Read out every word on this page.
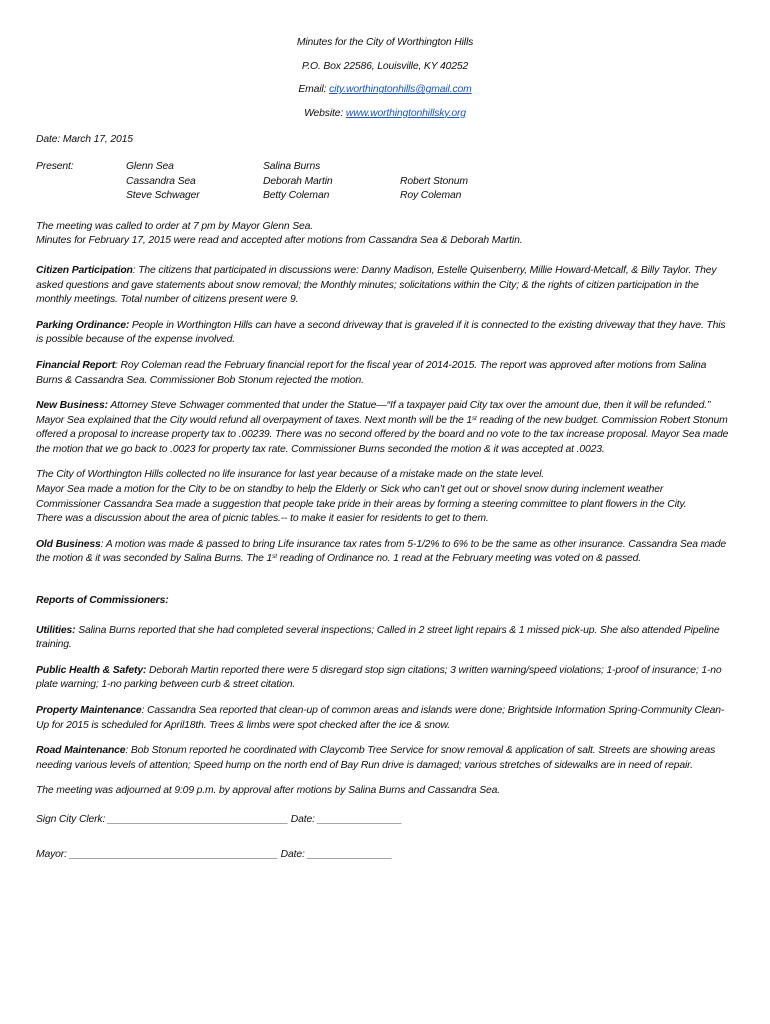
Minutes for the City of Worthington Hills
P.O. Box 22586, Louisville, KY 40252
Email: city.worthingtonhills@gmail.com
Website: www.worthingtonhillsky.org

Date: March 17, 2015

Present:	Glenn Sea
Cassandra Sea
Steve Schwager
Salina Burns
Deborah Martin
Betty Coleman

Robert Stonum
Roy Coleman

The meeting was called to order at 7 pm by Mayor Glenn Sea.
Minutes for February 17, 2015 were read and accepted after motions from Cassandra Sea & Deborah Martin.

Citizen Participation: The citizens that participated in discussions were: Danny Madison, Estelle Quisenberry, Millie Howard-Metcalf, & Billy Taylor. They asked questions and gave statements about snow removal; the Monthly minutes; solicitations within the City; & the rights of citizen participation in the monthly meetings. Total number of citizens present were 9.

Parking Ordinance: People in Worthington Hills can have a second driveway that is graveled if it is connected to the existing driveway that they have. This is possible because of the expense involved.

Financial Report: Roy Coleman read the February financial report for the fiscal year of 2014-2015. The report was approved after motions from Salina Burns & Cassandra Sea. Commissioner Bob Stonum rejected the motion.

New Business: Attorney Steve Schwager commented that under the Statue—“If a taxpayer paid City tax over the amount due, then it will be refunded.” Mayor Sea explained that the City would refund all overpayment of taxes. Next month will be the 1st reading of the new budget. Commission Robert Stonum offered a proposal to increase property tax to .00239. There was no second offered by the board and no vote to the tax increase proposal. Mayor Sea made the motion that we go back to .0023 for property tax rate. Commissioner Burns seconded the motion & it was accepted at .0023.

The City of Worthington Hills collected no life insurance for last year because of a mistake made on the state level.
Mayor Sea made a motion for the City to be on standby to help the Elderly or Sick who can’t get out or shovel snow during inclement weather
Commissioner Cassandra Sea made a suggestion that people take pride in their areas by forming a steering committee to plant flowers in the City.
There was a discussion about the area of picnic tables.-- to make it easier for residents to get to them.

Old Business: A motion was made & passed to bring Life insurance tax rates from 5-1/2% to 6% to be the same as other insurance. Cassandra Sea made the motion & it was seconded by Salina Burns. The 1st reading of Ordinance no. 1 read at the February meeting was voted on & passed.

Reports of Commissioners:

Utilities: Salina Burns reported that she had completed several inspections; Called in 2 street light repairs & 1 missed pick-up. She also attended Pipeline training.

Public Health & Safety: Deborah Martin reported there were 5 disregard stop sign citations; 3 written warning/speed violations; 1-proof of insurance; 1-no plate warning; 1-no parking between curb & street citation.

Property Maintenance: Cassandra Sea reported that clean-up of common areas and islands were done; Brightside Information Spring-Community Clean-Up for 2015 is scheduled for April18th. Trees & limbs were spot checked after the ice & snow.

Road Maintenance: Bob Stonum reported he coordinated with Claycomb Tree Service for snow removal & application of salt. Streets are showing areas needing various levels of attention; Speed hump on the north end of Bay Run drive is damaged; various stretches of sidewalks are in need of repair.

The meeting was adjourned at 9:09 p.m. by approval after motions by Salina Burns and Cassandra Sea.

Sign City Clerk: ________________________________ Date: _______________

Mayor: _____________________________________ Date: _______________
